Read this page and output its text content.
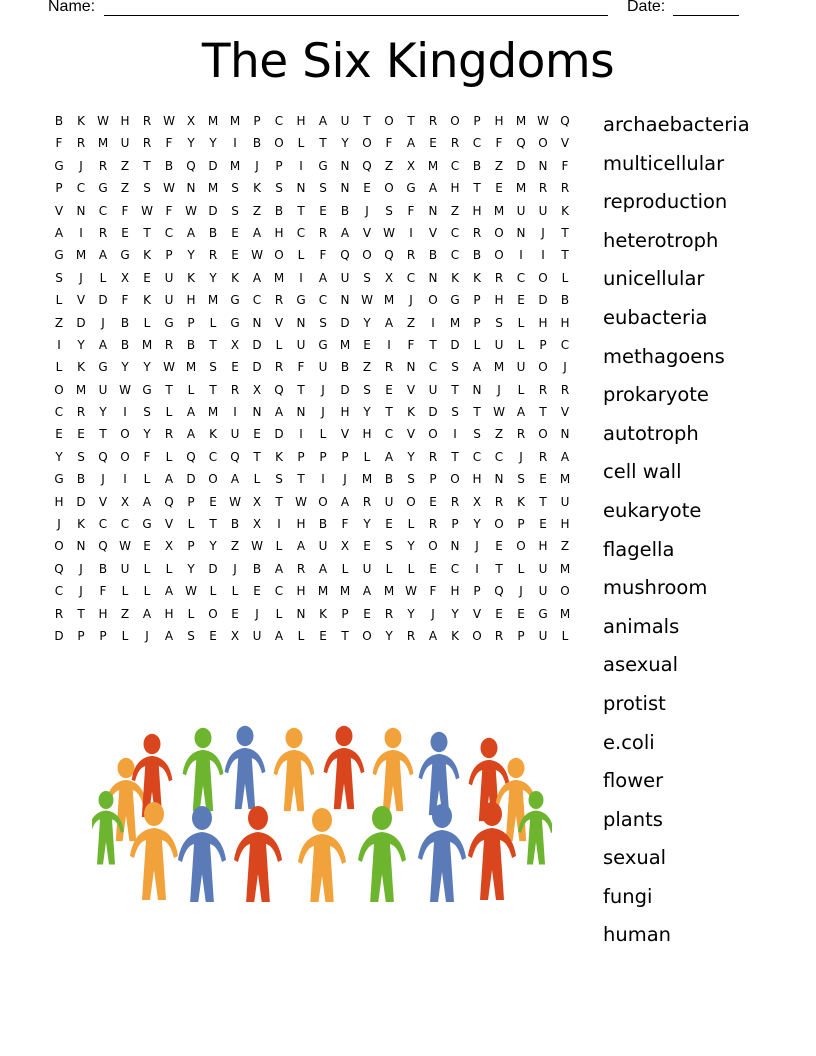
Name:	Date:
The Six Kingdoms
B	K	W H	R W X	M M	P	C	H	A	U	T	O	T	R	O	P	H	M W Q
F	R	M	U	R	F	Y	Y	I	B	O	L	T	Y	O	F	A	E	R	C	F	Q	O	V
G	J	R	Z	T	B	Q	D	M	J	P	I	G	N	Q	Z	X	M	C	B	Z	D	N	F
P	C	G	Z	S	W N	M	S	K	S	N	S	N	E	O	G	A	H	T	E	M	R	R
V	N	C	F	W	F	W D	S	Z	B	T	E	B	J	S	F	N	Z	H	M	U	U	K
A	I	R	E	T	C	A	B	E	A	H	C	R	A	V W	I	V	C	R	O	N	J	T
G	M	A	G	K	P	Y	R	E	W O	L	F	Q	O	Q	R	B	C	B	O	I	I	T
S	J	L	X	E	U	K	Y	K	A	M	I	A	U	S	X	C	N	K	K	R	C	O	L
L	V	D	F	K	U	H	M	G	C	R	G	C	N W M	J	O	G	P	H	E	D	B
Z	D	J	B	L	G	P	L	G	N	V	N	S	D	Y	A	Z	I	M	P	S	L	H	H
I	Y	A	B	M	R	B	T	X	D	L	U	G	M	E	I	F	T	D	L	U	L	P	C
L	K	G	Y	Y	W M	S	E	D	R	F	U	B	Z	R	N	C	S	A	M	U	O	J
O	M	U W G	T	L	T	R	X	Q	T	J	D	S	E	V	U	T	N	J	L	R	R
C	R	Y	I	S	L	A	M	I	N	A	N	J	H	Y	T	K	D	S	T	W A	T	V
E	E	T	O	Y	R	A	K	U	E	D	I	L	V	H	C	V	O	I	S	Z	R	O	N
Y	S	Q	O	F	L	Q	C	Q	T	K	P	P	P	L	A	Y	R	T	C	C	J	R	A
G	B	J	I	L	A	D	O	A	L	S	T	I	J	M	B	S	P	O	H	N	S	E	M
H	D	V	X	A	Q	P	E	W X	T	W O	A	R	U	O	E	R	X	R	K	T	U
J	K	C	C	G	V	L	T	B	X	I	H	B	F	Y	E	L	R	P	Y	O	P	E	H
O	N	Q W	E	X	P	Y	Z W	L	A	U	X	E	S	Y	O	N	J	E	O	H	Z
Q	J	B	U	L	L	Y	D	J	B	A	R	A	L	U	L	L	E	C	I	T	L	U	M
C	J	F	L	L	A W	L	L	E	C	H	M M	A	M W	F	H	P	Q	J	U	O
R	T	H	Z	A	H	L	O	E	J	L	N	K	P	E	R	Y	J	Y	V	E	E	G	M
D	P	P	L	J	A	S	E	X	U	A	L	E	T	O	Y	R	A	K	O	R	P	U	L
archaebacteria
multicellular
reproduction
heterotroph
unicellular
eubacteria
methagoens
prokaryote
autotroph
cell wall
eukaryote
flagella
mushroom
animals
asexual
protist
e.coli
flower
plants
sexual
fungi
human
